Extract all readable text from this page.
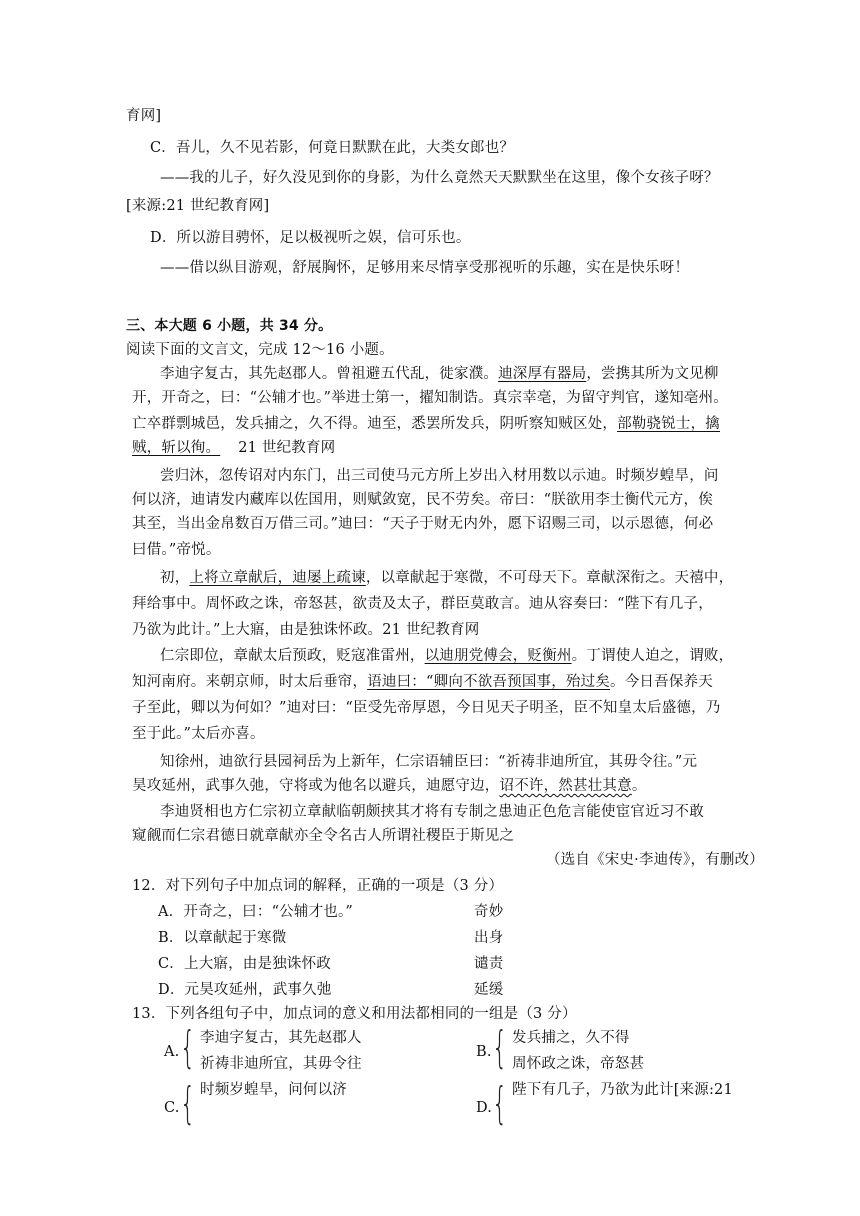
育网]
C．吾儿，久不见若影，何竟日默默在此，大类女郎也？
——我的儿子，好久没见到你的身影，为什么竟然天天默默坐在这里，像个女孩子呀？
[来源:21 世纪教育网]
D．所以游目骋怀，足以极视听之娱，信可乐也。
——借以纵目游观，舒展胸怀，足够用来尽情享受那视听的乐趣，实在是快乐呀！
三、本大题 6 小题，共 34 分。
阅读下面的文言文，完成 12～16 小题。
李迪字复古，其先赵郡人。曾祖避五代乱，徙家濮。迪深厚有器局，尝携其所为文见柳
开，开奇之，曰：“公辅才也。”举进士第一，擢知制诰。真宗幸亳，为留守判官，遂知亳州。
亡卒群剽城邑，发兵捕之，久不得。迪至，悉罢所发兵，阴听察知贼区处，部勒骁锐士，擒
贼，斩以徇。 21 世纪教育网
尝归沐，忽传诏对内东门，出三司使马元方所上岁出入材用数以示迪。时频岁蝗旱，问
何以济，迪请发内藏库以佐国用，则赋敛宽，民不劳矣。帝曰：“朕欲用李士衡代元方，俟
其至，当出金帛数百万借三司。”迪曰：“天子于财无内外，愿下诏赐三司，以示恩德，何必
曰借。”帝悦。
初，上将立章献后，迪屡上疏谏，以章献起于寒微，不可母天下。章献深衔之。天禧中，
拜给事中。周怀政之诛，帝怒甚，欲责及太子，群臣莫敢言。迪从容奏曰：“陛下有几子，
乃欲为此计。”上大寤，由是独诛怀政。21 世纪教育网
仁宗即位，章献太后预政，贬寇准雷州，以迪朋党傅会，贬衡州。丁谓使人迫之，谓败，
知河南府。来朝京师，时太后垂帘，语迪曰：“卿向不欲吾预国事，殆过矣。今日吾保养天
子至此，卿以为何如？”迪对曰：“臣受先帝厚恩，今日见天子明圣，臣不知皇太后盛德，乃
至于此。”太后亦喜。
知徐州，迪欲行县园祠岳为上新年，仁宗语辅臣曰：“祈祷非迪所宜，其毋令往。”元
昊攻延州，武事久弛，守将或为他名以避兵，迪愿守边，诏不许，然甚壮其意。
李迪贤相也方仁宗初立章献临朝颇挟其才将有专制之患迪正色危言能使宦官近习不敢
窥觎而仁宗君德日就章献亦全令名古人所谓社稷臣于斯见之
（选自《宋史·李迪传》，有删改）
12．对下列句子中加点词的解释，正确的一项是（3 分）
A．开奇之，曰：“公辅才也。”	奇妙
B．以章献起于寒微	出身
C．上大寤，由是独诛怀政	谴责
D．元昊攻延州，武事久弛	延缓
13．下列各组句子中，加点词的意义和用法都相同的一组是（3 分）
A. { 李迪字复古，其先赵郡人
祈祷非迪所宜，其毋令往
B. { 发兵捕之，久不得
周怀政之诛，帝怒甚
C. { 时频岁蝗旱，问何以济
D. { 陛下有几子，乃欲为此计[来源:21
